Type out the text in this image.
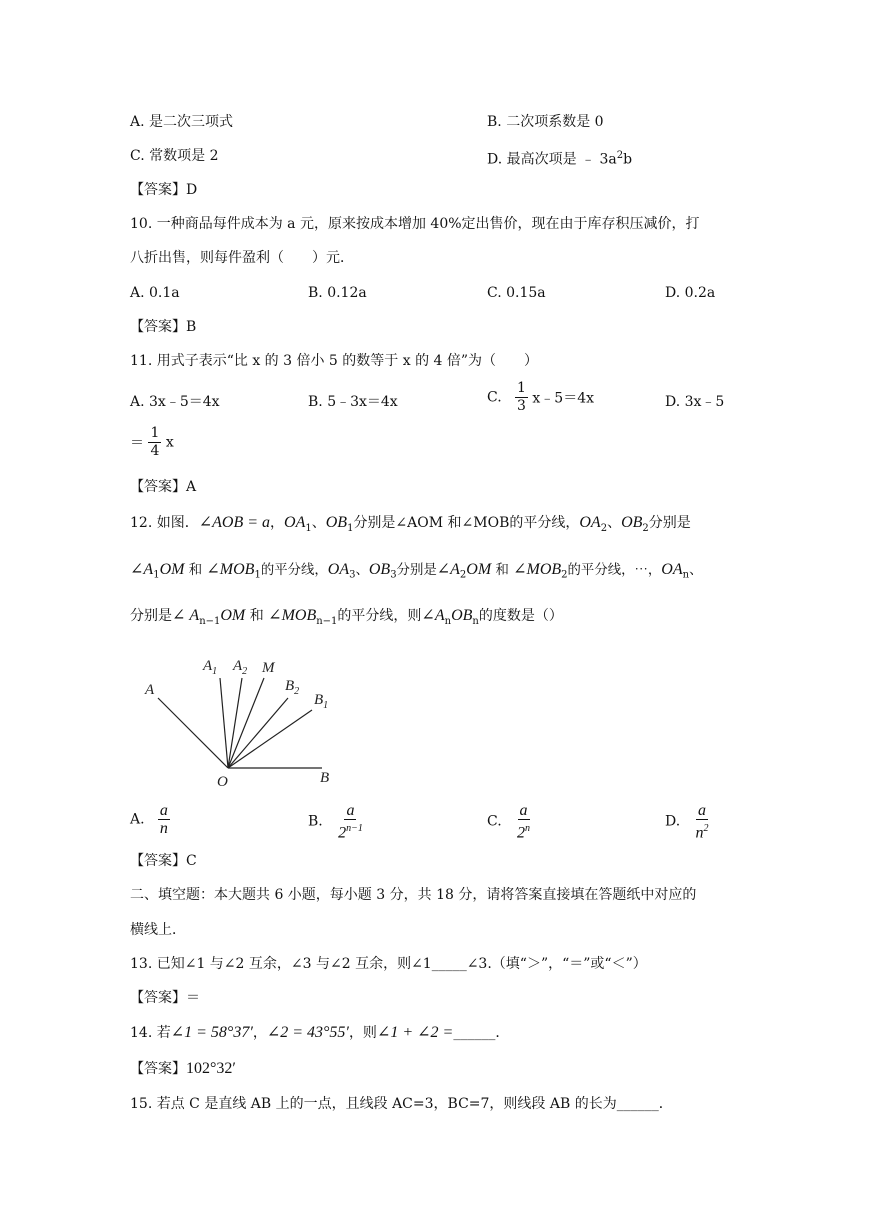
A. 是二次三项式	B. 二次项系数是 0
C. 常数项是 2	D. 最高次项是 ﹣ $3a^2b$
【答案】D
10. 一种商品每件成本为 a 元，原来按成本增加 40%定出售价，现在由于库存积压减价，打
八折出售，则每件盈利（　　）元．
A. 0.1a	B. 0.12a	C. 0.15a	D. 0.2a
【答案】B
11. 用式子表示“比 x 的 3 倍小 5 的数等于 x 的 4 倍”为（　　）
A. 3x﹣5＝4x	B. 5﹣3x＝4x	C. $\frac{1}{3}$ x﹣5＝4x	D. 3x﹣5
＝ $\frac{1}{4}$ x
【答案】A
12. 如图．∠AOB = a，$OA_1$、$OB_1$分别是∠AOM 和∠MOB的平分线，$OA_2$、$OB_2$分别是
$\angle A_1OM$ 和 $\angle MOB_1$的平分线，$OA_3$、$OB_3$分别是$\angle A_2OM$ 和 $\angle MOB_2$的平分线，⋯，$OA_n$、
分别是∠ $A_{n-1}OM$ 和 $\angle MOB_{n-1}$的平分线，则$\angle A_nOB_n$的度数是（）
A
$A_1$ $A_2$ M
$B_2$
$B_1$
O	B
A. $\frac{a}{n}$	B. $\frac{a}{2^{n-1}}$	C. $\frac{a}{2^n}$	D. $\frac{a}{n^2}$
【答案】C
二、填空题：本大题共 6 小题，每小题 3 分，共 18 分，请将答案直接填在答题纸中对应的
横线上．
13. 已知∠1 与∠2 互余，∠3 与∠2 互余，则∠1_____∠3.（填“＞”，“＝”或“＜”）
【答案】＝
14. 若∠1 = 58°37′，∠2 = 43°55′，则∠1 + ∠2 =______．
【答案】102°32′
15. 若点 C 是直线 AB 上的一点，且线段 AC=3，BC=7，则线段 AB 的长为______．
